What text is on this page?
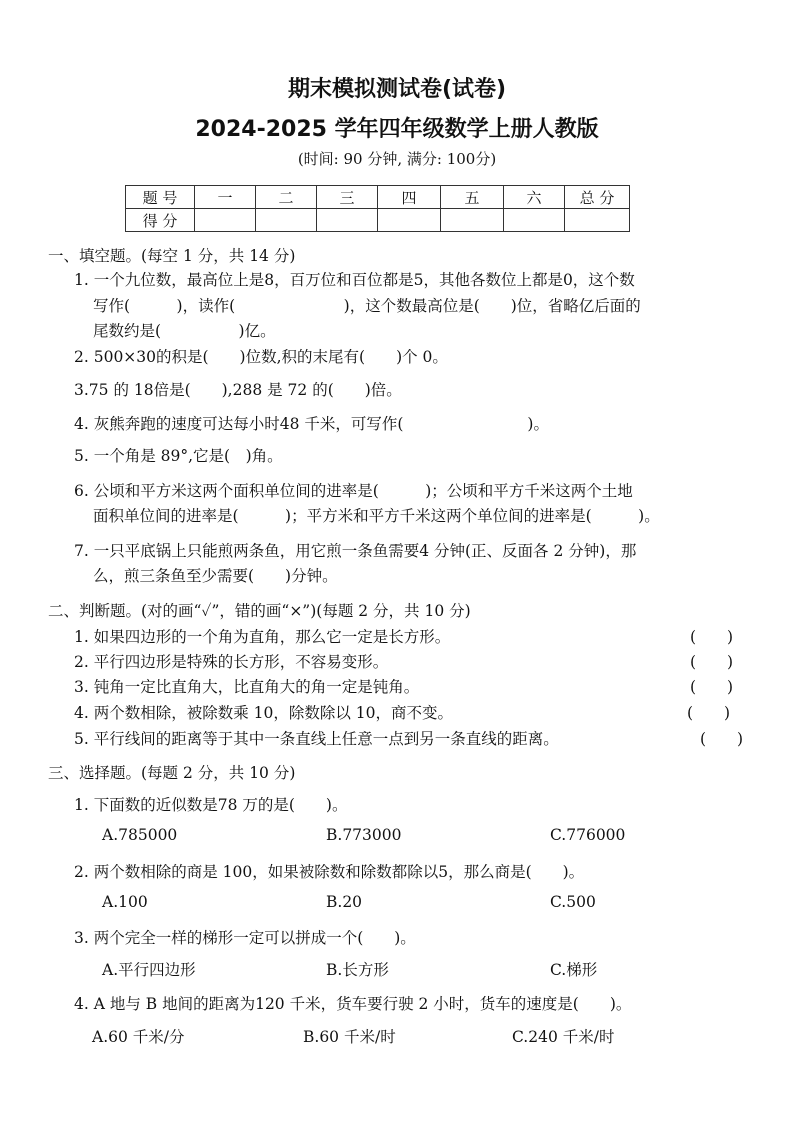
期末模拟测试卷(试卷)
2024-2025 学年四年级数学上册人教版
(时间: 90 分钟, 满分: 100分)
题 号	一	二	三	四	五	六	总 分
得 分							
一、填空题。(每空 1 分，共 14 分)
1. 一个九位数，最高位上是8，百万位和百位都是5，其他各数位上都是0，这个数
写作(　　　)，读作(　　　　　　　)，这个数最高位是(　　)位，省略亿后面的
尾数约是(　　　　　)亿。
2. 500×30的积是(　　)位数,积的末尾有(　　)个 0。
3.75 的 18倍是(　　),288 是 72 的(　　)倍。
4. 灰熊奔跑的速度可达每小时48 千米，可写作(　　　　　　　　)。
5. 一个角是 89°,它是(　)角。
6. 公顷和平方米这两个面积单位间的进率是(　　　)；公顷和平方千米这两个土地
面积单位间的进率是(　　　)；平方米和平方千米这两个单位间的进率是(　　　)。
7. 一只平底锅上只能煎两条鱼，用它煎一条鱼需要4 分钟(正、反面各 2 分钟)，那
么，煎三条鱼至少需要(　　)分钟。
二、判断题。(对的画“✓”，错的画“×”)(每题 2 分，共 10 分)
1. 如果四边形的一个角为直角，那么它一定是长方形。	(　　)
2. 平行四边形是特殊的长方形，不容易变形。	(　　)
3. 钝角一定比直角大，比直角大的角一定是钝角。	(　　)
4. 两个数相除，被除数乘 10，除数除以 10，商不变。	(　　)
5. 平行线间的距离等于其中一条直线上任意一点到另一条直线的距离。	(　　)
三、选择题。(每题 2 分，共 10 分)
1. 下面数的近似数是78 万的是(　　)。
A.785000	B.773000	C.776000
2. 两个数相除的商是 100，如果被除数和除数都除以5，那么商是(　　)。
A.100	B.20	C.500
3. 两个完全一样的梯形一定可以拼成一个(　　)。
A.平行四边形	B.长方形	C.梯形
4. A 地与 B 地间的距离为120 千米，货车要行驶 2 小时，货车的速度是(　　)。
A.60 千米/分	B.60 千米/时	C.240 千米/时
